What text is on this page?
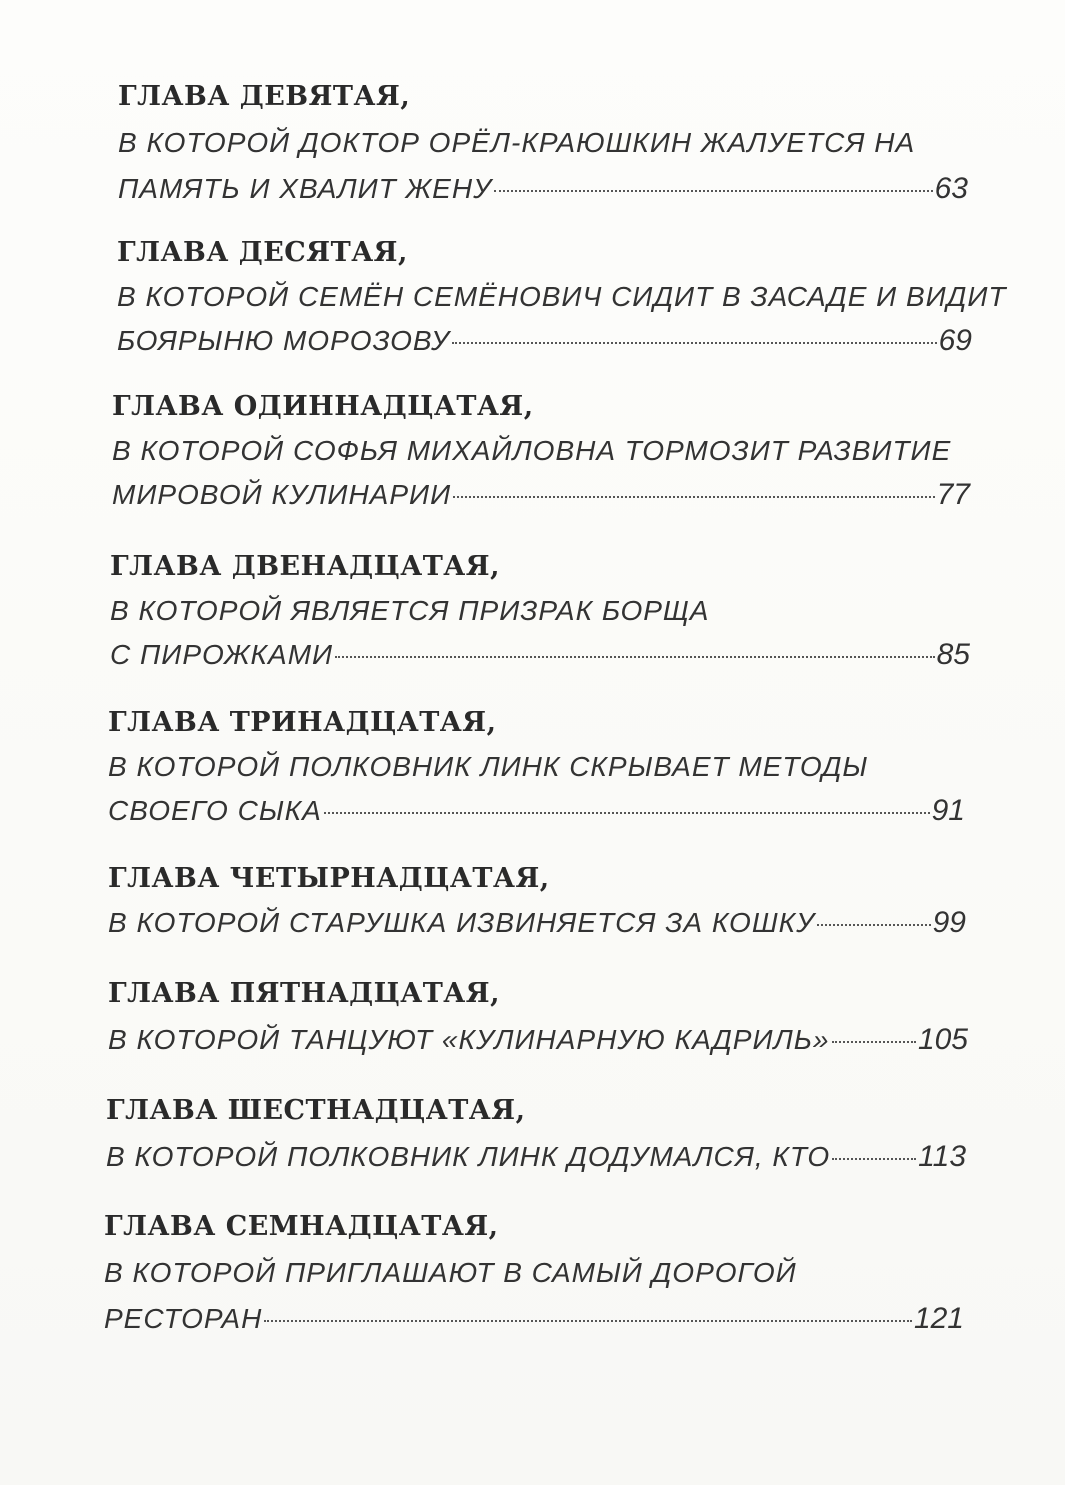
ГЛАВА ДЕВЯТАЯ,
В КОТОРОЙ ДОКТОР ОРЁЛ-КРАЮШКИН ЖАЛУЕТСЯ НА
ПАМЯТЬ И ХВАЛИТ ЖЕНУ	63
ГЛАВА ДЕСЯТАЯ,
В КОТОРОЙ СЕМЁН СЕМЁНОВИЧ СИДИТ В ЗАСАДЕ И ВИДИТ
БОЯРЫНЮ МОРОЗОВУ	69
ГЛАВА ОДИННАДЦАТАЯ,
В КОТОРОЙ СОФЬЯ МИХАЙЛОВНА ТОРМОЗИТ РАЗВИТИЕ
МИРОВОЙ КУЛИНАРИИ	77
ГЛАВА ДВЕНАДЦАТАЯ,
В КОТОРОЙ ЯВЛЯЕТСЯ ПРИЗРАК БОРЩА
С ПИРОЖКАМИ	85
ГЛАВА ТРИНАДЦАТАЯ,
В КОТОРОЙ ПОЛКОВНИК ЛИНК СКРЫВАЕТ МЕТОДЫ
СВОЕГО СЫКА	91
ГЛАВА ЧЕТЫРНАДЦАТАЯ,
В КОТОРОЙ СТАРУШКА ИЗВИНЯЕТСЯ ЗА КОШКУ	99
ГЛАВА ПЯТНАДЦАТАЯ,
В КОТОРОЙ ТАНЦУЮТ «КУЛИНАРНУЮ КАДРИЛЬ»	105
ГЛАВА ШЕСТНАДЦАТАЯ,
В КОТОРОЙ ПОЛКОВНИК ЛИНК ДОДУМАЛСЯ, КТО	113
ГЛАВА СЕМНАДЦАТАЯ,
В КОТОРОЙ ПРИГЛАШАЮТ В САМЫЙ ДОРОГОЙ
РЕСТОРАН	121
